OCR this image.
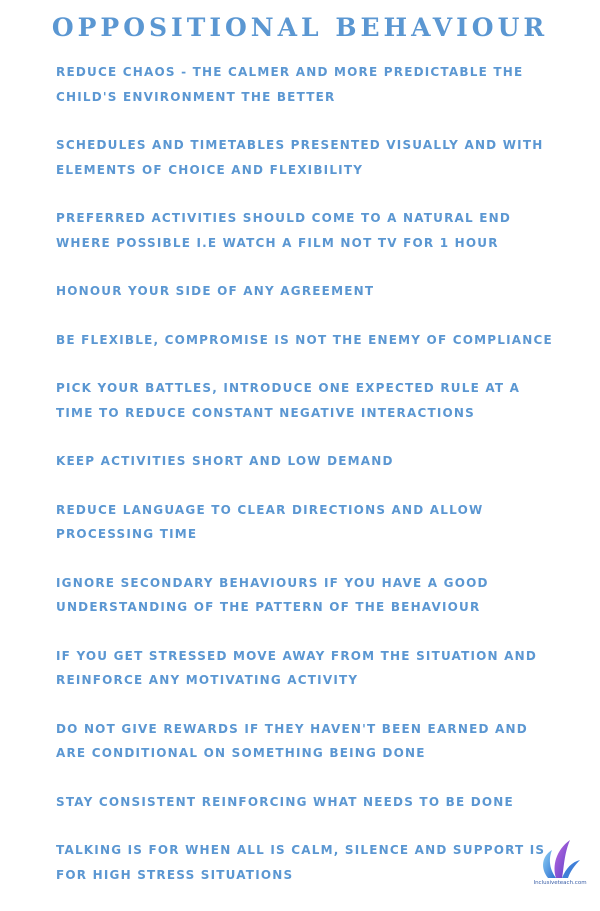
OPPOSITIONAL BEHAVIOUR
REDUCE CHAOS - THE CALMER AND MORE PREDICTABLE THE CHILD'S ENVIRONMENT THE BETTER
SCHEDULES AND TIMETABLES PRESENTED VISUALLY AND WITH ELEMENTS OF CHOICE AND FLEXIBILITY
PREFERRED ACTIVITIES SHOULD COME TO A NATURAL END WHERE POSSIBLE I.E WATCH A FILM NOT TV FOR 1 HOUR
HONOUR YOUR SIDE OF ANY AGREEMENT
BE FLEXIBLE, COMPROMISE IS NOT THE ENEMY OF COMPLIANCE
PICK YOUR BATTLES, INTRODUCE ONE EXPECTED RULE AT A TIME TO REDUCE CONSTANT NEGATIVE INTERACTIONS
KEEP ACTIVITIES SHORT AND LOW DEMAND
REDUCE LANGUAGE TO CLEAR DIRECTIONS AND ALLOW PROCESSING TIME
IGNORE SECONDARY BEHAVIOURS IF YOU HAVE A GOOD UNDERSTANDING OF THE PATTERN OF THE BEHAVIOUR
IF YOU GET STRESSED MOVE AWAY FROM THE SITUATION AND REINFORCE ANY MOTIVATING ACTIVITY
DO NOT GIVE REWARDS IF THEY HAVEN'T BEEN EARNED AND ARE CONDITIONAL ON SOMETHING BEING DONE
STAY CONSISTENT REINFORCING WHAT NEEDS TO BE DONE
TALKING IS FOR WHEN ALL IS CALM, SILENCE AND SUPPORT IS FOR HIGH STRESS SITUATIONS
Inclusiveteach.com
